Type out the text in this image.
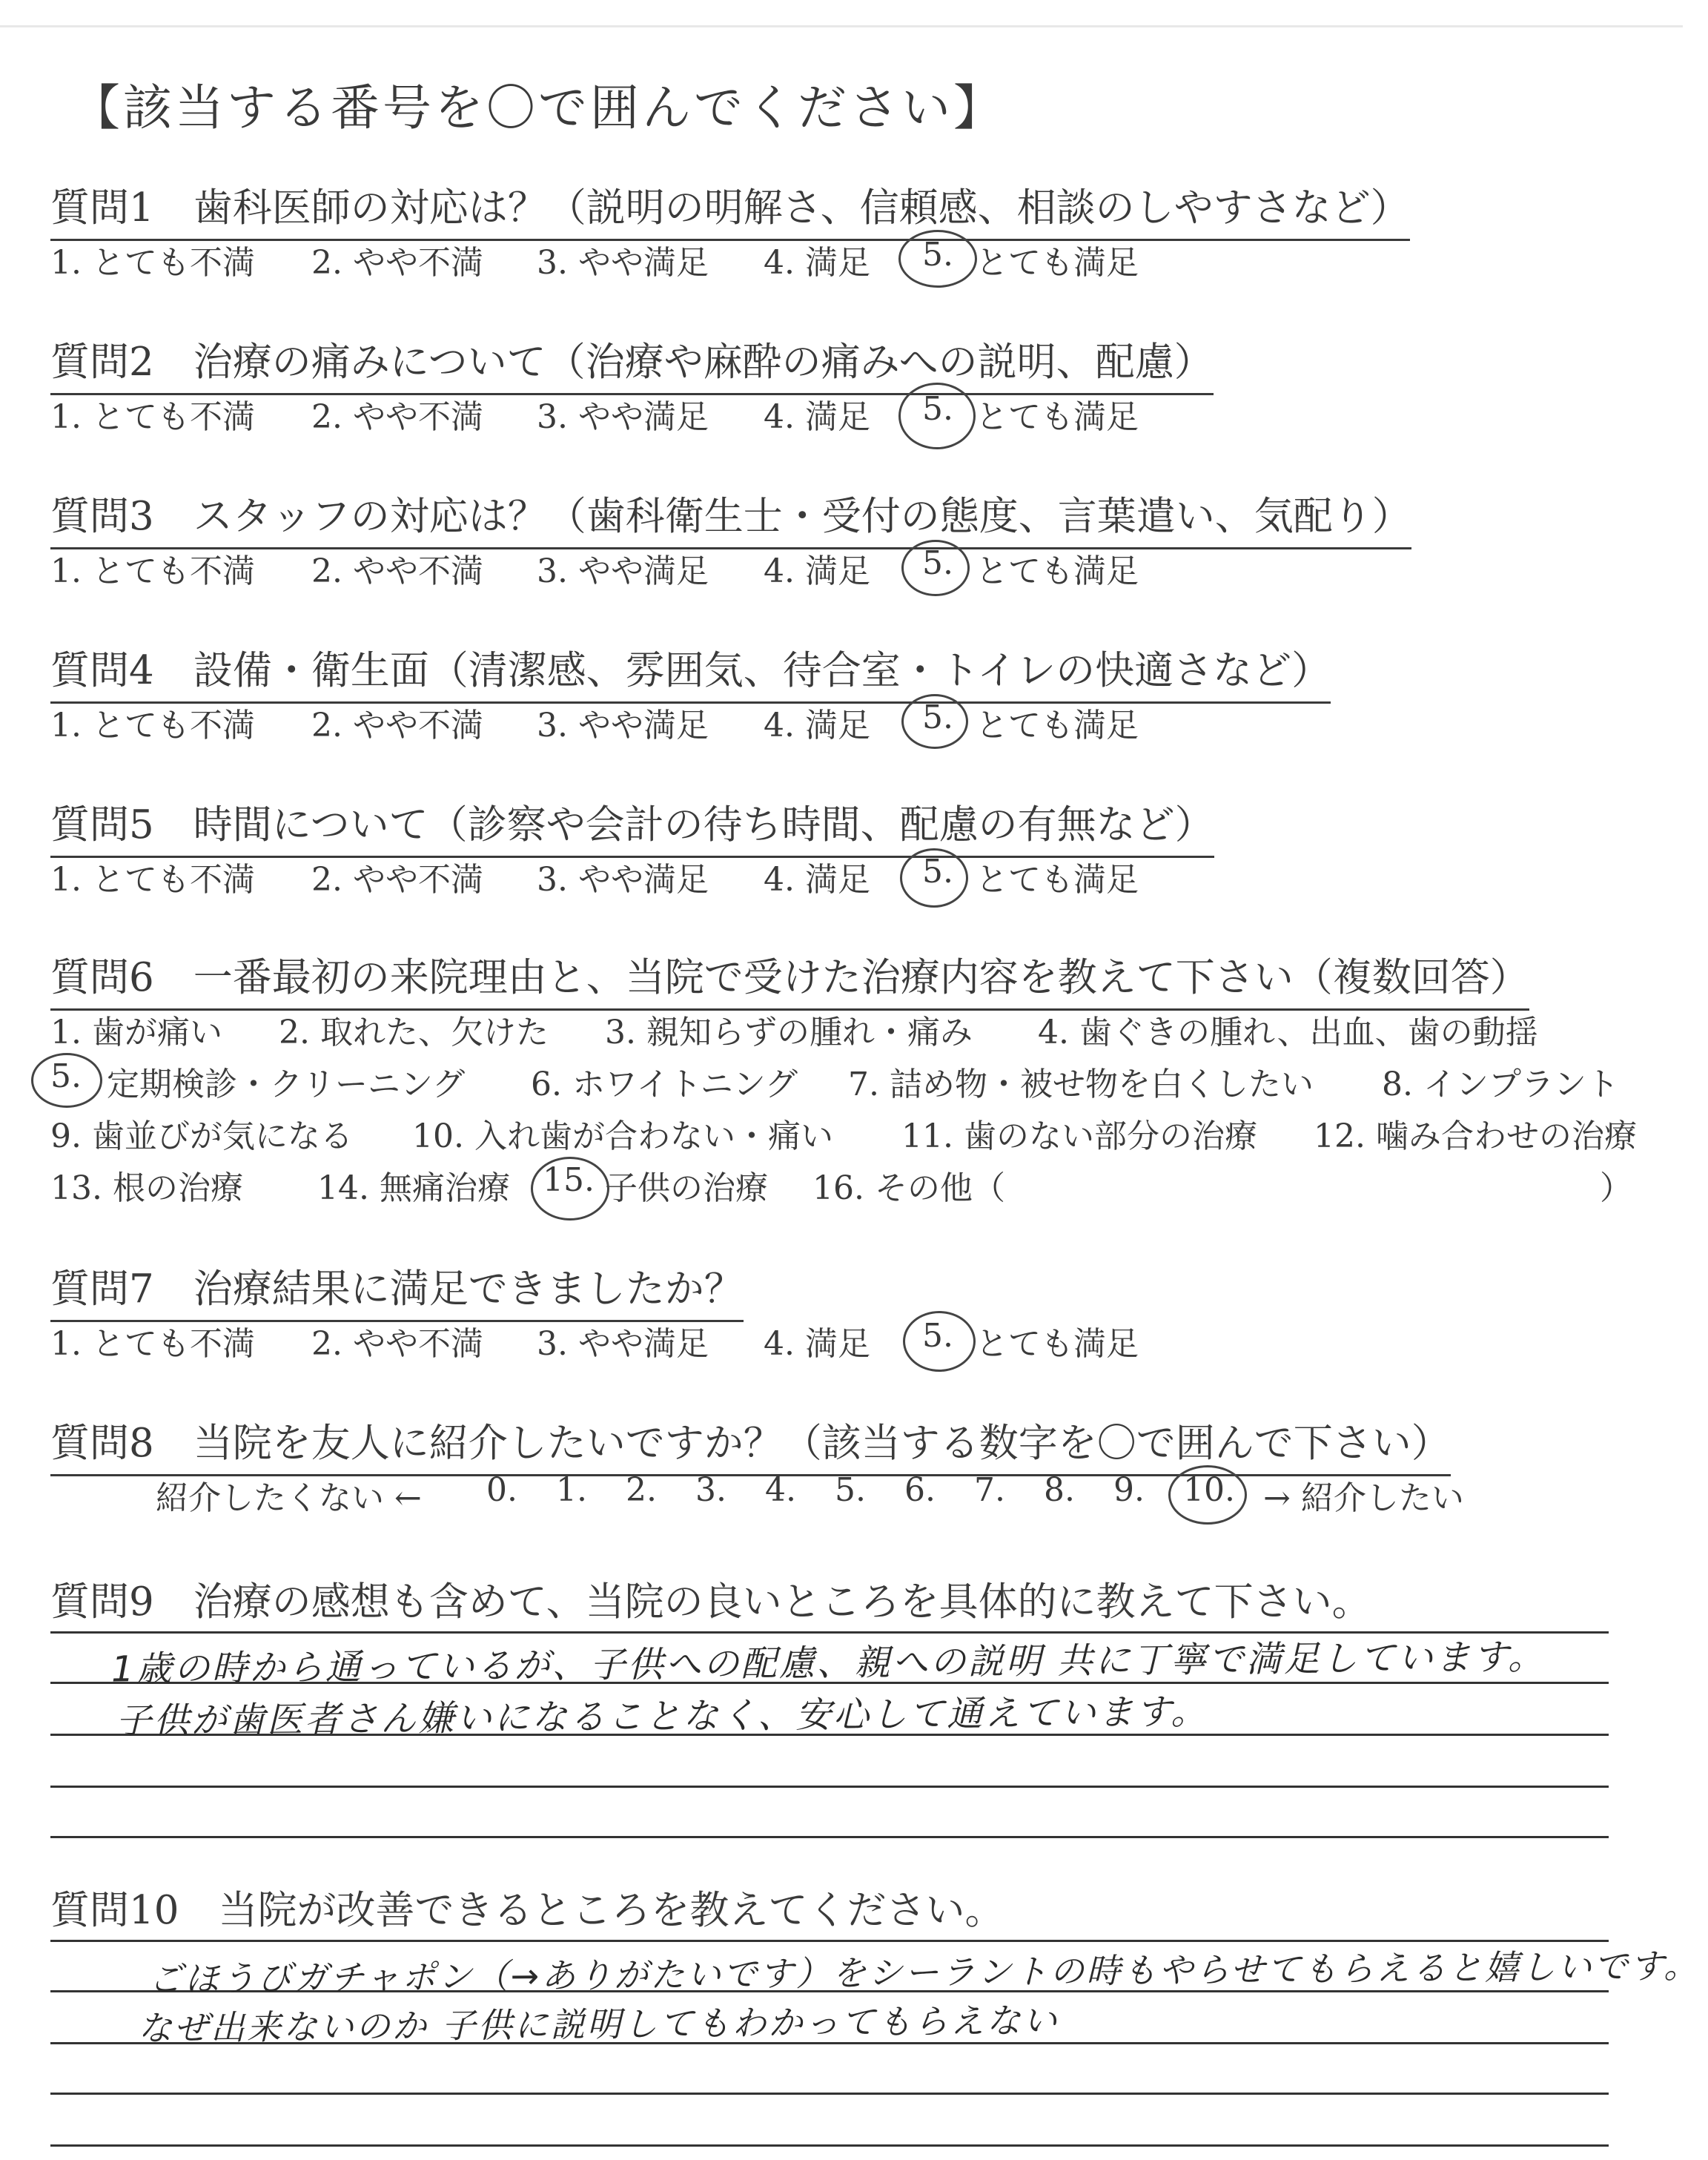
【該当する番号を〇で囲んでください】
質問1　歯科医師の対応は？（説明の明解さ、信頼感、相談のしやすさなど）
1. とても不満 2. やや不満 3. やや満足 4. 満足 5. とても満足
質問2　治療の痛みについて（治療や麻酔の痛みへの説明、配慮）
1. とても不満 2. やや不満 3. やや満足 4. 満足 5. とても満足
質問3　スタッフの対応は？（歯科衛生士・受付の態度、言葉遣い、気配り）
1. とても不満 2. やや不満 3. やや満足 4. 満足 5. とても満足
質問4　設備・衛生面（清潔感、雰囲気、待合室・トイレの快適さなど）
1. とても不満 2. やや不満 3. やや満足 4. 満足 5. とても満足
質問5　時間について（診察や会計の待ち時間、配慮の有無など）
1. とても不満 2. やや不満 3. やや満足 4. 満足 5. とても満足
質問6　一番最初の来院理由と、当院で受けた治療内容を教えて下さい（複数回答）
1. 歯が痛い 2. 取れた、欠けた 3. 親知らずの腫れ・痛み 4. 歯ぐきの腫れ、出血、歯の動揺
5. 定期検診・クリーニング 6. ホワイトニング 7. 詰め物・被せ物を白くしたい 8. インプラント
9. 歯並びが気になる 10. 入れ歯が合わない・痛い 11. 歯のない部分の治療 12. 噛み合わせの治療
13. 根の治療 14. 無痛治療 15. 子供の治療 16. その他（	）
質問7　治療結果に満足できましたか？
1. とても不満 2. やや不満 3. やや満足 4. 満足 5. とても満足
質問8　当院を友人に紹介したいですか？（該当する数字を〇で囲んで下さい）
紹介したくない ← 0. 1. 2. 3. 4. 5. 6. 7. 8. 9. 10. → 紹介したい
質問9　治療の感想も含めて、当院の良いところを具体的に教えて下さい。
1歳の時から通っているが、子供への配慮、親への説明 共に丁寧で満足しています。
子供が歯医者さん嫌いになることなく、安心して通えています。
質問10　当院が改善できるところを教えてください。
ごほうびガチャポン（→ありがたいです）をシーラントの時もやらせてもらえると嬉しいです。
なぜ出来ないのか 子供に説明してもわかってもらえない
